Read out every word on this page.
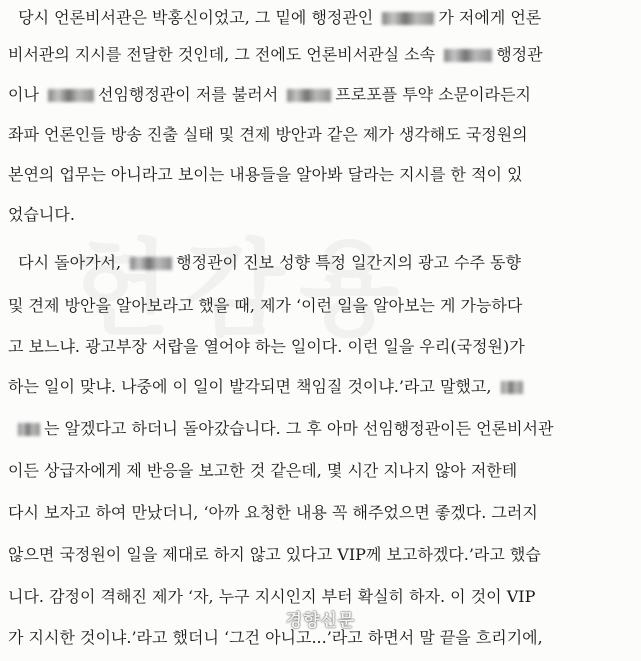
당시 언론비서관은 박홍신이었고, 그 밑에 행정관인	가 저에게 언론
비서관의 지시를 전달한 것인데, 그 전에도 언론비서관실 소속	행정관
이나	선임행정관이 저를 불러서	프로포플 투약 소문이라든지
좌파 언론인들 방송 진출 실태 및 견제 방안과 같은 제가 생각해도 국정원의
본연의 업무는 아니라고 보이는 내용들을 알아봐 달라는 지시를 한 적이 있
었습니다.
다시 돌아가서,	행정관이 진보 성향 특정 일간지의 광고 수주 동향
및 견제 방안을 알아보라고 했을 때, 제가 ‘이런 일을 알아보는 게 가능하다
고 보느냐. 광고부장 서랍을 열어야 하는 일이다. 이런 일을 우리(국정원)가
하는 일이 맞냐. 나중에 이 일이 발각되면 책임질 것이냐.’라고 말했고,
는 알겠다고 하더니 돌아갔습니다. 그 후 아마 선임행정관이든 언론비서관
이든 상급자에게 제 반응을 보고한 것 같은데, 몇 시간 지나지 않아 저한테
다시 보자고 하여 만났더니, ‘아까 요청한 내용 꼭 해주었으면 좋겠다. 그러지
않으면 국정원이 일을 제대로 하지 않고 있다고 VIP께 보고하겠다.’라고 했습
니다. 감정이 격해진 제가 ‘자, 누구 지시인지 부터 확실히 하자. 이 것이 VIP
가 지시한 것이냐.’라고 했더니 ‘그건 아니고...’라고 하면서 말 끝을 흐리기에,
경향신문
